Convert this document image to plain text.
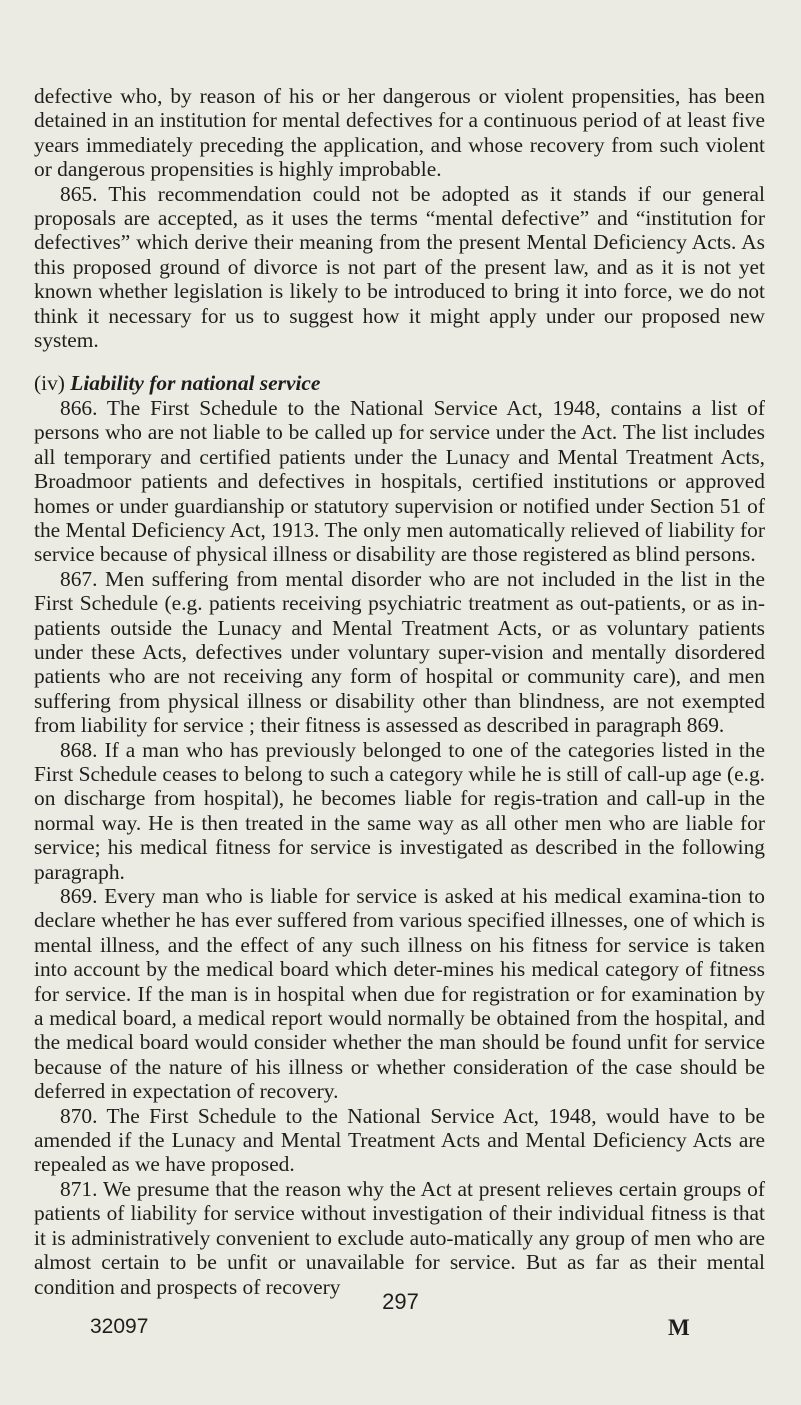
defective who, by reason of his or her dangerous or violent propensities, has been detained in an institution for mental defectives for a continuous period of at least five years immediately preceding the application, and whose recovery from such violent or dangerous propensities is highly improbable.

865. This recommendation could not be adopted as it stands if our general proposals are accepted, as it uses the terms “mental defective” and “institution for defectives” which derive their meaning from the present Mental Deficiency Acts. As this proposed ground of divorce is not part of the present law, and as it is not yet known whether legislation is likely to be introduced to bring it into force, we do not think it necessary for us to suggest how it might apply under our proposed new system.

(iv) Liability for national service

866. The First Schedule to the National Service Act, 1948, contains a list of persons who are not liable to be called up for service under the Act. The list includes all temporary and certified patients under the Lunacy and Mental Treatment Acts, Broadmoor patients and defectives in hospitals, certified institutions or approved homes or under guardianship or statutory supervision or notified under Section 51 of the Mental Deficiency Act, 1913. The only men automatically relieved of liability for service because of physical illness or disability are those registered as blind persons.

867. Men suffering from mental disorder who are not included in the list in the First Schedule (e.g. patients receiving psychiatric treatment as out-patients, or as in-patients outside the Lunacy and Mental Treatment Acts, or as voluntary patients under these Acts, defectives under voluntary super-vision and mentally disordered patients who are not receiving any form of hospital or community care), and men suffering from physical illness or disability other than blindness, are not exempted from liability for service ; their fitness is assessed as described in paragraph 869.

868. If a man who has previously belonged to one of the categories listed in the First Schedule ceases to belong to such a category while he is still of call-up age (e.g. on discharge from hospital), he becomes liable for regis-tration and call-up in the normal way. He is then treated in the same way as all other men who are liable for service; his medical fitness for service is investigated as described in the following paragraph.

869. Every man who is liable for service is asked at his medical examina-tion to declare whether he has ever suffered from various specified illnesses, one of which is mental illness, and the effect of any such illness on his fitness for service is taken into account by the medical board which deter-mines his medical category of fitness for service. If the man is in hospital when due for registration or for examination by a medical board, a medical report would normally be obtained from the hospital, and the medical board would consider whether the man should be found unfit for service because of the nature of his illness or whether consideration of the case should be deferred in expectation of recovery.

870. The First Schedule to the National Service Act, 1948, would have to be amended if the Lunacy and Mental Treatment Acts and Mental Deficiency Acts are repealed as we have proposed.

871. We presume that the reason why the Act at present relieves certain groups of patients of liability for service without investigation of their individual fitness is that it is administratively convenient to exclude auto-matically any group of men who are almost certain to be unfit or unavailable for service. But as far as their mental condition and prospects of recovery

297
32097	M
